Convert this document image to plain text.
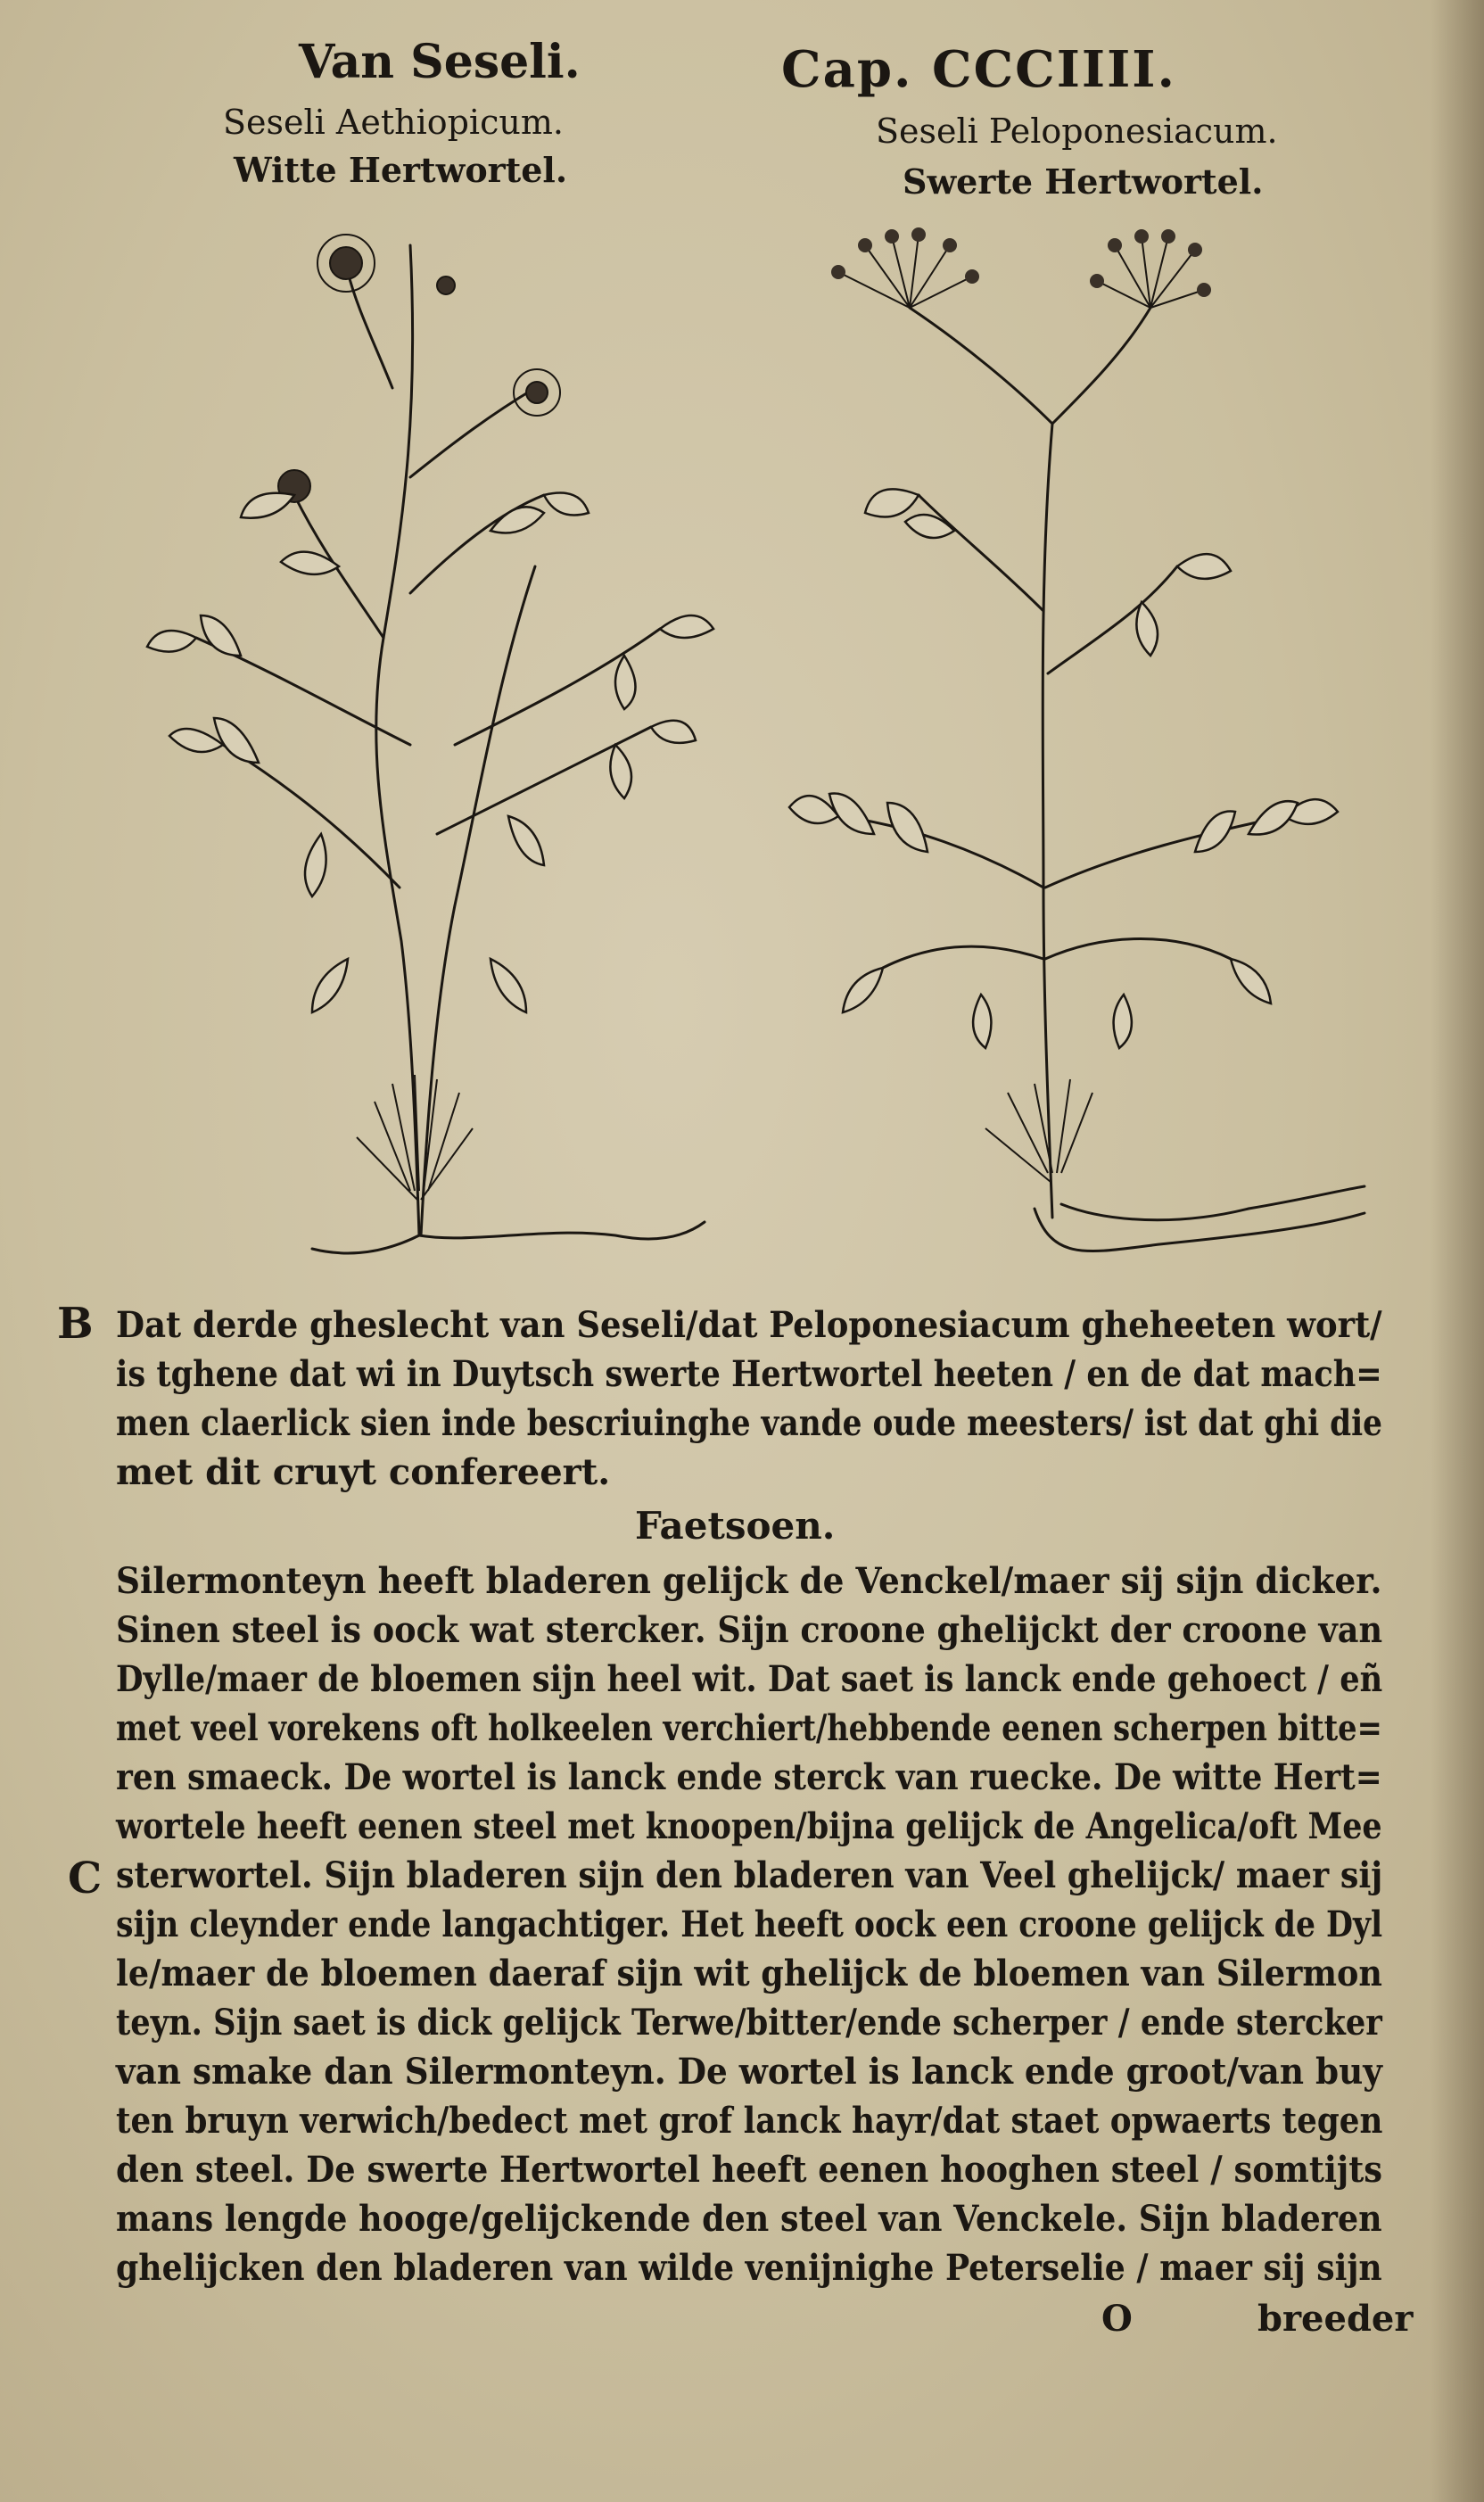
Van Seseli.	Cap. CCCIIII.
Seseli Aethiopicum.
Witte Hertwortel.
Seseli Peloponesiacum.
Swerte Hertwortel.
B
C
Dat derde gheslecht van Seseli/dat Peloponesiacum gheheeten wort/
is tghene dat wi in Duytsch swerte Hertwortel heeten / en de dat mach=
men claerlick sien inde bescriuinghe vande oude meesters/ ist dat ghi die
met dit cruyt confereert.
Faetsoen.
Silermonteyn heeft bladeren gelijck de Venckel/maer sij sijn dicker.
Sinen steel is oock wat stercker. Sijn croone ghelijckt der croone van
Dylle/maer de bloemen sijn heel wit. Dat saet is lanck ende gehoect / eñ
met veel vorekens oft holkeelen verchiert/hebbende eenen scherpen bitte=
ren smaeck. De wortel is lanck ende sterck van ruecke. De witte Hert=
wortele heeft eenen steel met knoopen/bijna gelijck de Angelica/oft Mee
sterwortel. Sijn bladeren sijn den bladeren van Veel ghelijck/ maer sij
sijn cleynder ende langachtiger. Het heeft oock een croone gelijck de Dyl
le/maer de bloemen daeraf sijn wit ghelijck de bloemen van Silermon
teyn. Sijn saet is dick gelijck Terwe/bitter/ende scherper / ende stercker
van smake dan Silermonteyn. De wortel is lanck ende groot/van buy
ten bruyn verwich/bedect met grof lanck hayr/dat staet opwaerts tegen
den steel. De swerte Hertwortel heeft eenen hooghen steel / somtijts
mans lengde hooge/gelijckende den steel van Venckele. Sijn bladeren
ghelijcken den bladeren van wilde venijnighe Peterselie / maer sij sijn
O	breeder
